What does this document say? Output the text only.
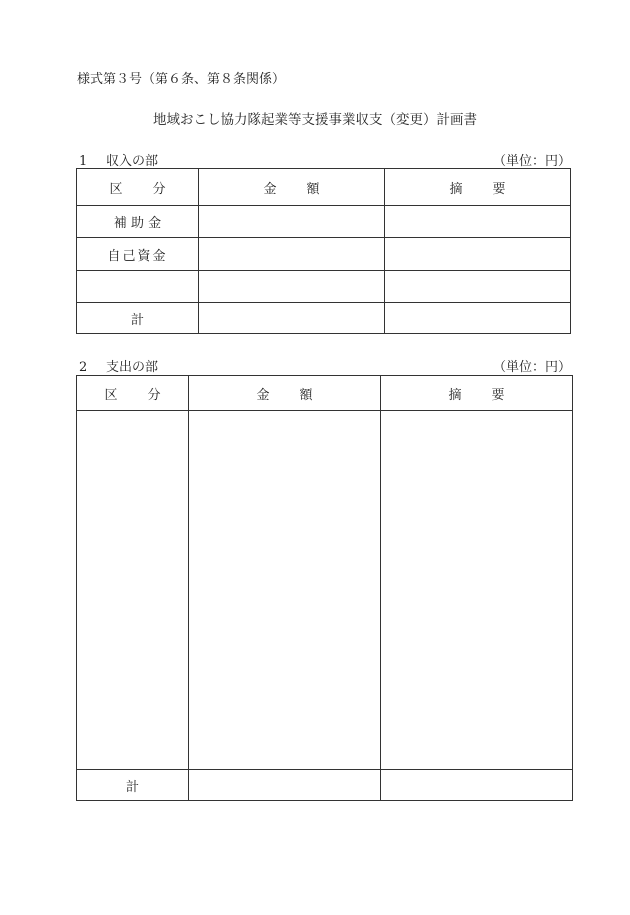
様式第３号（第６条、第８条関係）
地域おこし協力隊起業等支援事業収支（変更）計画書
1 収入の部	（単位：円）
区 分	金 額	摘 要
補 助 金		
自己資金		

計		
2 支出の部	（単位：円）
区 分	金 額	摘 要

計		
